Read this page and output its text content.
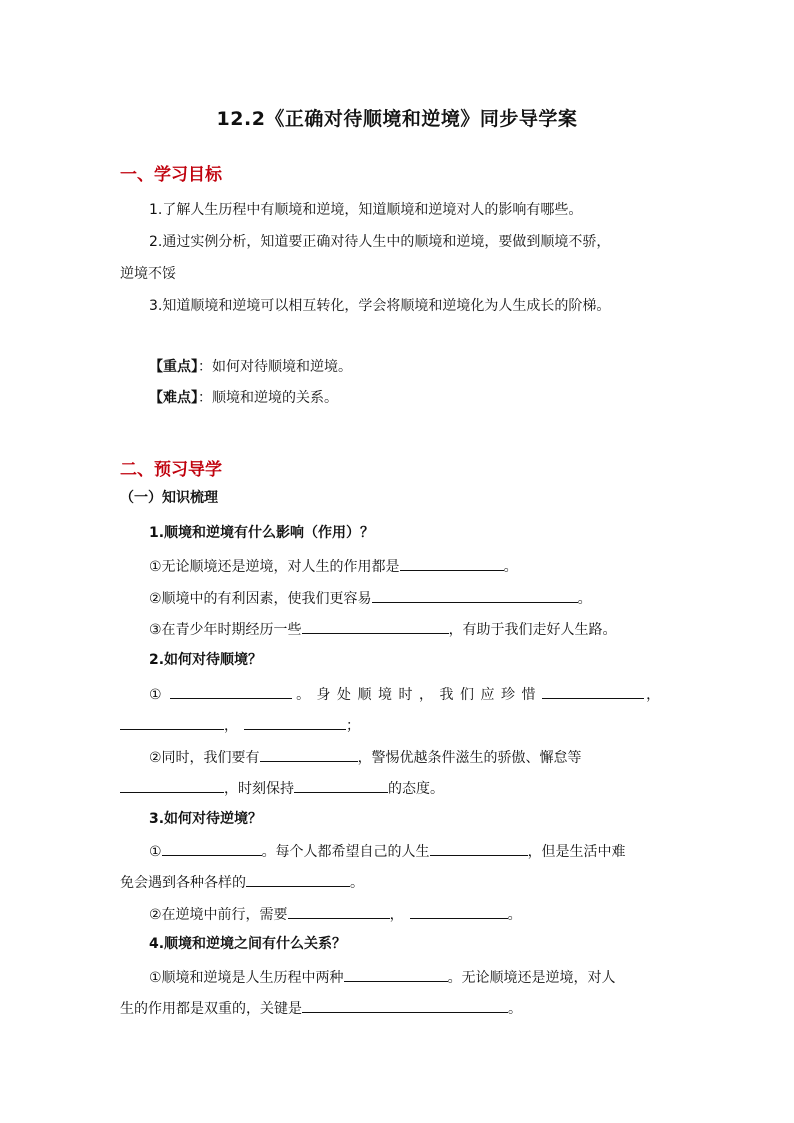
12.2《正确对待顺境和逆境》同步导学案
一、学习目标
1.了解人生历程中有顺境和逆境，知道顺境和逆境对人的影响有哪些。
2.通过实例分析，知道要正确对待人生中的顺境和逆境，要做到顺境不骄，
逆境不馁
3.知道顺境和逆境可以相互转化，学会将顺境和逆境化为人生成长的阶梯。
【重点】：如何对待顺境和逆境。
【难点】：顺境和逆境的关系。
二、预习导学
（一）知识梳理
1.顺境和逆境有什么影响（作用）？
①无论顺境还是逆境，对人生的作用都是	。
②顺境中的有利因素，使我们更容易	。
③在青少年时期经历一些	，有助于我们走好人生路。
2.如何对待顺境？
①	。身处顺境时，我们应珍惜	，
，	；
②同时，我们要有	，警惕优越条件滋生的骄傲、懈怠等
，时刻保持	的态度。
3.如何对待逆境？
①	。每个人都希望自己的人生	，但是生活中难
免会遇到各种各样的	。
②在逆境中前行，需要	，	。
4.顺境和逆境之间有什么关系？
①顺境和逆境是人生历程中两种	。无论顺境还是逆境，对人
生的作用都是双重的，关键是	。
